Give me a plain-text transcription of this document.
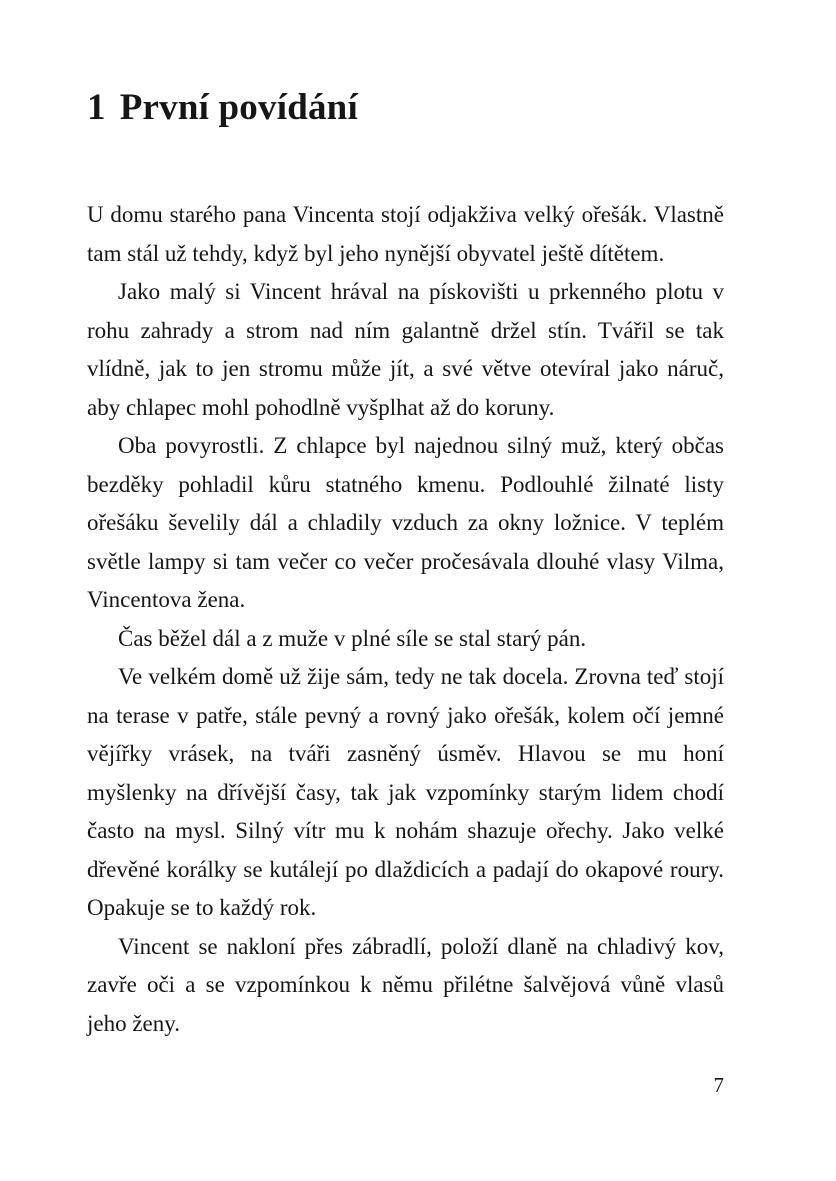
1 První povídání

U domu starého pana Vincenta stojí odjakživa velký ořešák. Vlastně tam stál už tehdy, když byl jeho nynější obyvatel ještě dítětem.

Jako malý si Vincent hrával na pískovišti u prkenného plotu v rohu zahrady a strom nad ním galantně držel stín. Tvářil se tak vlídně, jak to jen stromu může jít, a své větve otevíral jako náruč, aby chlapec mohl pohodlně vyšplhat až do koruny.

Oba povyrostli. Z chlapce byl najednou silný muž, který občas bezděky pohladil kůru statného kmenu. Podlouhlé žilnaté listy ořešáku ševelily dál a chladily vzduch za okny ložnice. V teplém světle lampy si tam večer co večer pročesávala dlouhé vlasy Vilma, Vincentova žena.

Čas běžel dál a z muže v plné síle se stal starý pán.

Ve velkém domě už žije sám, tedy ne tak docela. Zrovna teď stojí na terase v patře, stále pevný a rovný jako ořešák, kolem očí jemné vějířky vrásek, na tváři zasněný úsměv. Hlavou se mu honí myšlenky na dřívější časy, tak jak vzpomínky starým lidem chodí často na mysl. Silný vítr mu k nohám shazuje ořechy. Jako velké dřevěné korálky se kutálejí po dlaždicích a padají do okapové roury. Opakuje se to každý rok.

Vincent se nakloní přes zábradlí, položí dlaně na chladivý kov, zavře oči a se vzpomínkou k němu přilétne šalvějová vůně vlasů jeho ženy.

7
